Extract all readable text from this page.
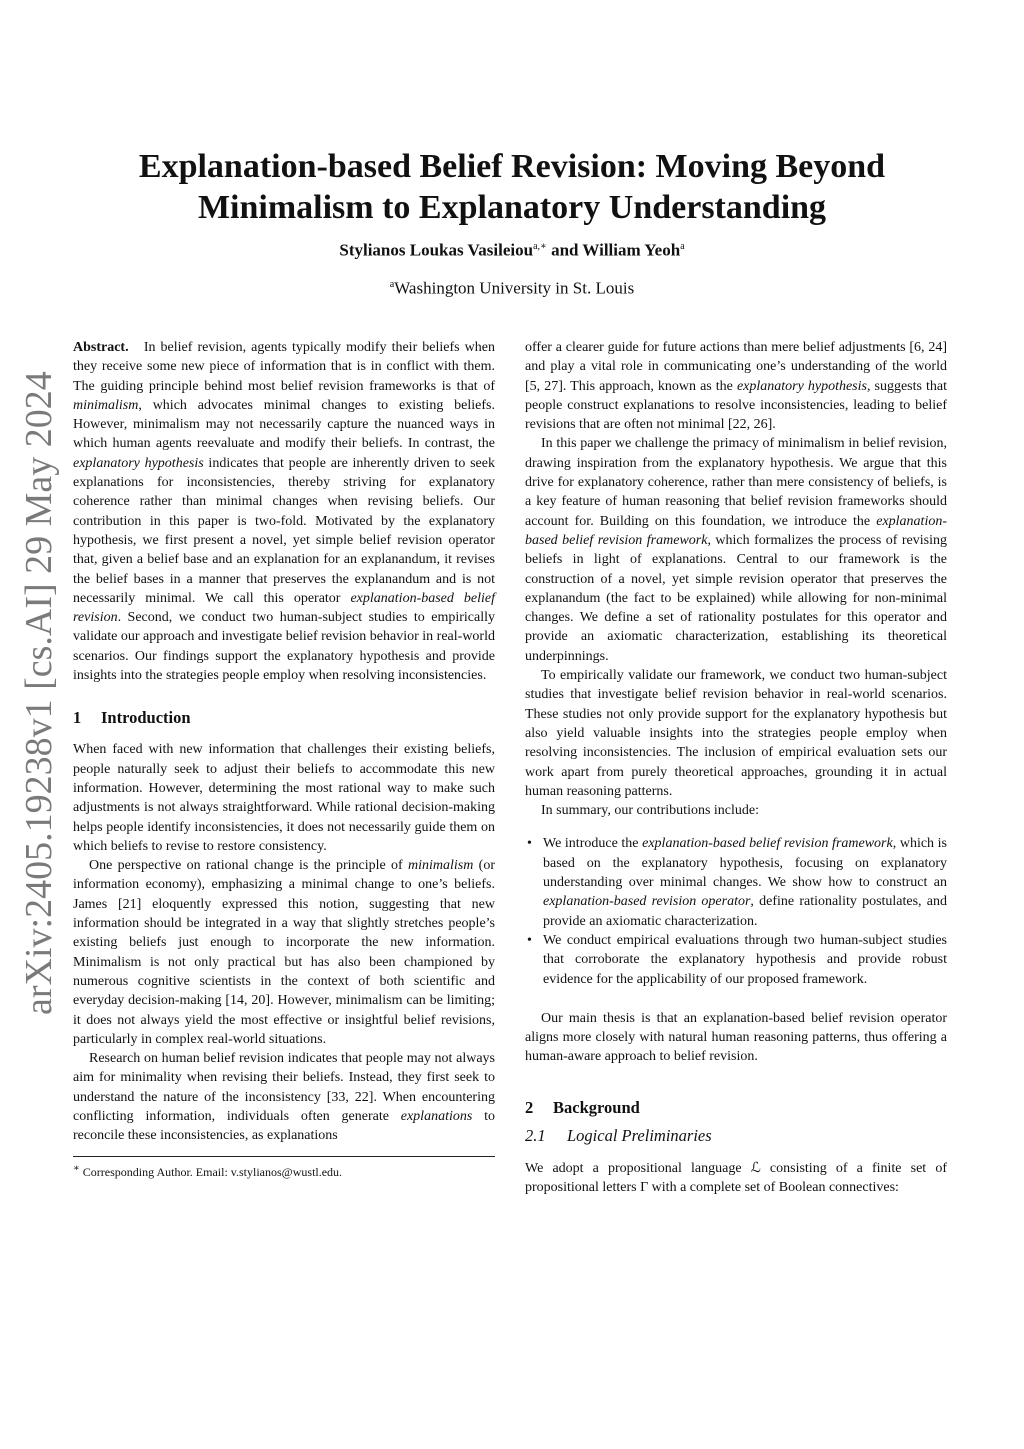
Explanation-based Belief Revision: Moving Beyond
Minimalism to Explanatory Understanding
Stylianos Loukas Vasileiou$^{a,∗}$ and William Yeoh$^a$
$^a$Washington University in St. Louis
arXiv:2405.19238v1 [cs.AI] 29 May 2024

Abstract. In belief revision, agents typically modify their beliefs when they receive some new piece of information that is in conflict with them. The guiding principle behind most belief revision frameworks is that of minimalism, which advocates minimal changes to existing beliefs. However, minimalism may not necessarily capture the nuanced ways in which human agents reevaluate and modify their beliefs. In contrast, the explanatory hypothesis indicates that people are inherently driven to seek explanations for inconsistencies, thereby striving for explanatory coherence rather than minimal changes when revising beliefs. Our contribution in this paper is two-fold. Motivated by the explanatory hypothesis, we first present a novel, yet simple belief revision operator that, given a belief base and an explanation for an explanandum, it revises the belief bases in a manner that preserves the explanandum and is not necessarily minimal. We call this operator explanation-based belief revision. Second, we conduct two human-subject studies to empirically validate our approach and investigate belief revision behavior in real-world scenarios. Our findings support the explanatory hypothesis and provide insights into the strategies people employ when resolving inconsistencies.

1 Introduction

When faced with new information that challenges their existing beliefs, people naturally seek to adjust their beliefs to accommodate this new information. However, determining the most rational way to make such adjustments is not always straightforward. While rational decision-making helps people identify inconsistencies, it does not necessarily guide them on which beliefs to revise to restore consistency.

One perspective on rational change is the principle of minimalism (or information economy), emphasizing a minimal change to one’s beliefs. James [21] eloquently expressed this notion, suggesting that new information should be integrated in a way that slightly stretches people’s existing beliefs just enough to incorporate the new information. Minimalism is not only practical but has also been championed by numerous cognitive scientists in the context of both scientific and everyday decision-making [14, 20]. However, minimalism can be limiting; it does not always yield the most effective or insightful belief revisions, particularly in complex real-world situations.

Research on human belief revision indicates that people may not always aim for minimality when revising their beliefs. Instead, they first seek to understand the nature of the inconsistency [33, 22]. When encountering conflicting information, individuals often generate explanations to reconcile these inconsistencies, as explanations

∗ Corresponding Author. Email: v.stylianos@wustl.edu.

offer a clearer guide for future actions than mere belief adjustments [6, 24] and play a vital role in communicating one’s understanding of the world [5, 27]. This approach, known as the explanatory hypothesis, suggests that people construct explanations to resolve inconsistencies, leading to belief revisions that are often not minimal [22, 26].

In this paper we challenge the primacy of minimalism in belief revision, drawing inspiration from the explanatory hypothesis. We argue that this drive for explanatory coherence, rather than mere consistency of beliefs, is a key feature of human reasoning that belief revision frameworks should account for. Building on this foundation, we introduce the explanation-based belief revision framework, which formalizes the process of revising beliefs in light of explanations. Central to our framework is the construction of a novel, yet simple revision operator that preserves the explanandum (the fact to be explained) while allowing for non-minimal changes. We define a set of rationality postulates for this operator and provide an axiomatic characterization, establishing its theoretical underpinnings.

To empirically validate our framework, we conduct two human-subject studies that investigate belief revision behavior in real-world scenarios. These studies not only provide support for the explanatory hypothesis but also yield valuable insights into the strategies people employ when resolving inconsistencies. The inclusion of empirical evaluation sets our work apart from purely theoretical approaches, grounding it in actual human reasoning patterns.

In summary, our contributions include:

• We introduce the explanation-based belief revision framework, which is based on the explanatory hypothesis, focusing on explanatory understanding over minimal changes. We show how to construct an explanation-based revision operator, define rationality postulates, and provide an axiomatic characterization.
• We conduct empirical evaluations through two human-subject studies that corroborate the explanatory hypothesis and provide robust evidence for the applicability of our proposed framework.

Our main thesis is that an explanation-based belief revision operator aligns more closely with natural human reasoning patterns, thus offering a human-aware approach to belief revision.

2 Background

2.1 Logical Preliminaries

We adopt a propositional language ℒ consisting of a finite set of propositional letters Γ with a complete set of Boolean connectives:
